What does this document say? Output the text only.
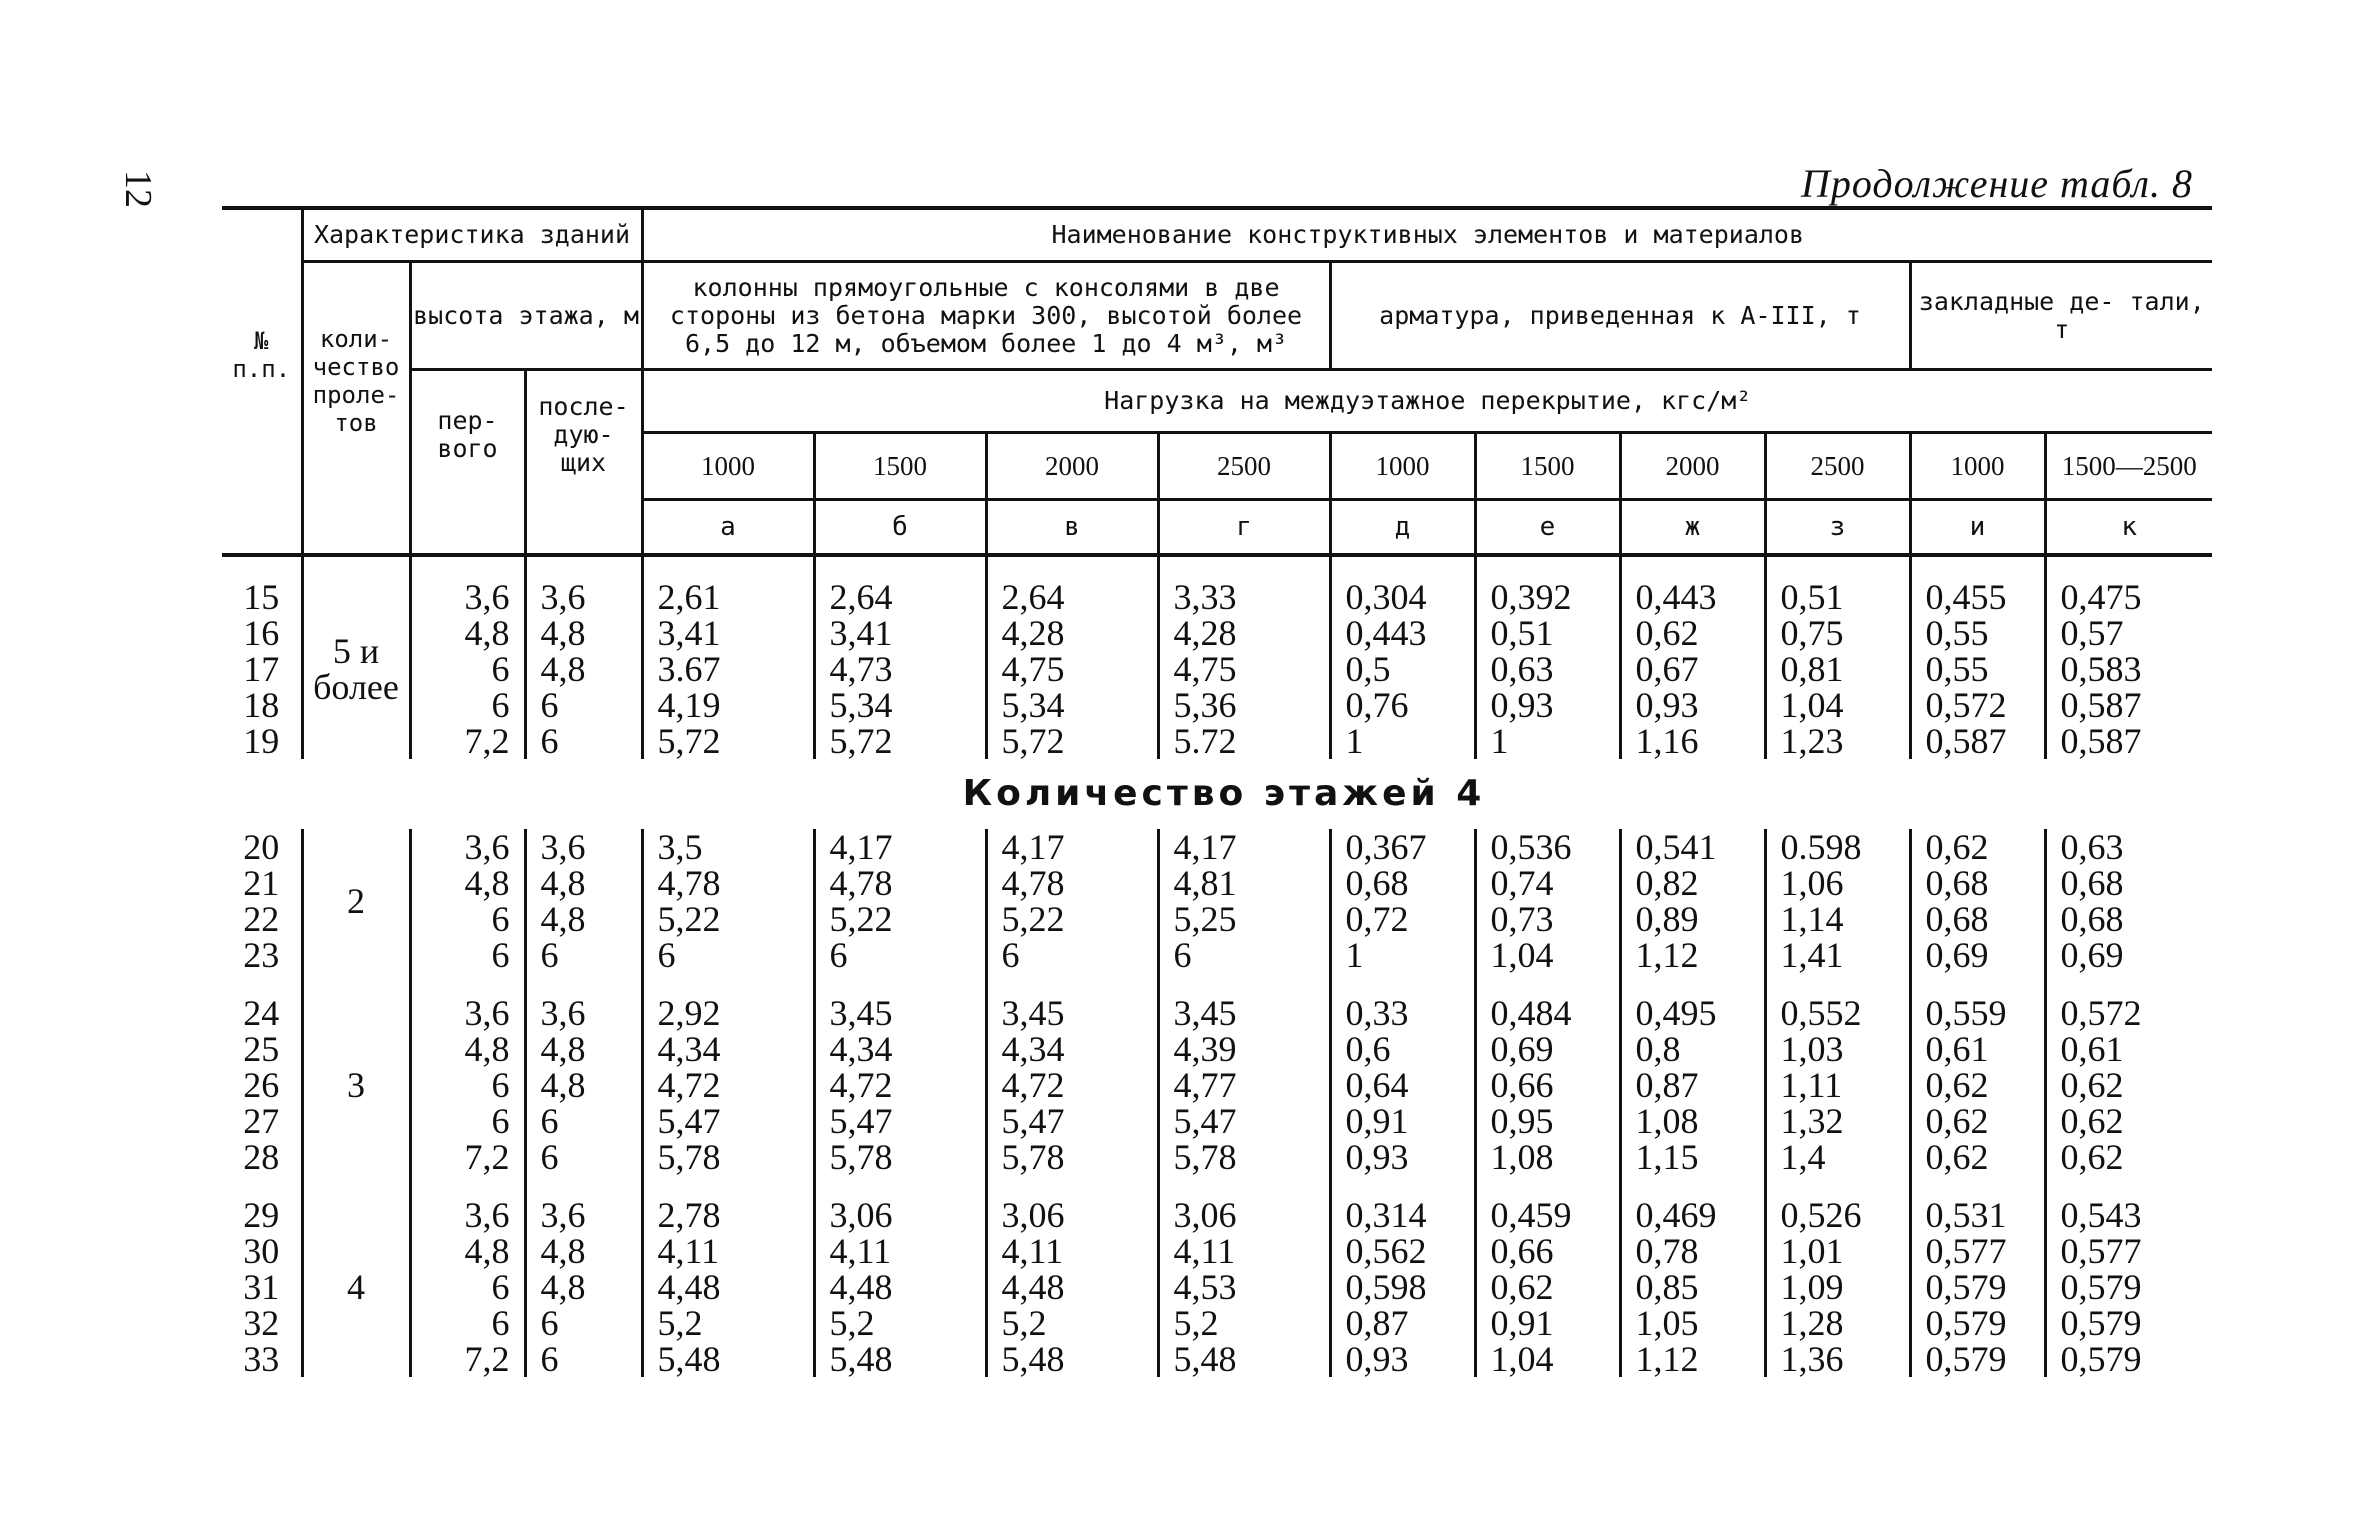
12	Продолжение табл. 8
№ п.п.	Характеристика зданий			Наименование конструктивных элементов и материалов									
	коли- чество проле- тов	высота этажа, м		колонны прямоугольные с консолями в две стороны из бетона марки 300, высотой более 6,5 до 12 м, объемом более 1 до 4 м³, м³				арматура, приведенная к А-III, т				закладные де- тали, т	
		пер- вого	после- дую- щих	Нагрузка на междуэтажное перекрытие, кгс/м²									
				1000	1500	2000	2500	1000	1500	2000	2500	1000	1500—2500
				а	б	в	г	д	е	ж	з	и	к

15	5 и более	3,6	3,6	2,61	2,64	2,64	3,33	0,304	0,392	0,443	0,51	0,455	0,475
16		4,8	4,8	3,41	3,41	4,28	4,28	0,443	0,51	0,62	0,75	0,55	0,57
17		6	4,8	3.67	4,73	4,75	4,75	0,5	0,63	0,67	0,81	0,55	0,583
18		6	6	4,19	5,34	5,34	5,36	0,76	0,93	0,93	1,04	0,572	0,587
19		7,2	6	5,72	5,72	5,72	5.72	1	1	1,16	1,23	0,587	0,587
Количество этажей 4													
20	2	3,6	3,6	3,5	4,17	4,17	4,17	0,367	0,536	0,541	0.598	0,62	0,63
21		4,8	4,8	4,78	4,78	4,78	4,81	0,68	0,74	0,82	1,06	0,68	0,68
22		6	4,8	5,22	5,22	5,22	5,25	0,72	0,73	0,89	1,14	0,68	0,68
23		6	6	6	6	6	6	1	1,04	1,12	1,41	0,69	0,69

24	3	3,6	3,6	2,92	3,45	3,45	3,45	0,33	0,484	0,495	0,552	0,559	0,572
25		4,8	4,8	4,34	4,34	4,34	4,39	0,6	0,69	0,8	1,03	0,61	0,61
26		6	4,8	4,72	4,72	4,72	4,77	0,64	0,66	0,87	1,11	0,62	0,62
27		6	6	5,47	5,47	5,47	5,47	0,91	0,95	1,08	1,32	0,62	0,62
28		7,2	6	5,78	5,78	5,78	5,78	0,93	1,08	1,15	1,4	0,62	0,62

29	4	3,6	3,6	2,78	3,06	3,06	3,06	0,314	0,459	0,469	0,526	0,531	0,543
30		4,8	4,8	4,11	4,11	4,11	4,11	0,562	0,66	0,78	1,01	0,577	0,577
31		6	4,8	4,48	4,48	4,48	4,53	0,598	0,62	0,85	1,09	0,579	0,579
32		6	6	5,2	5,2	5,2	5,2	0,87	0,91	1,05	1,28	0,579	0,579
33		7,2	6	5,48	5,48	5,48	5,48	0,93	1,04	1,12	1,36	0,579	0,579
